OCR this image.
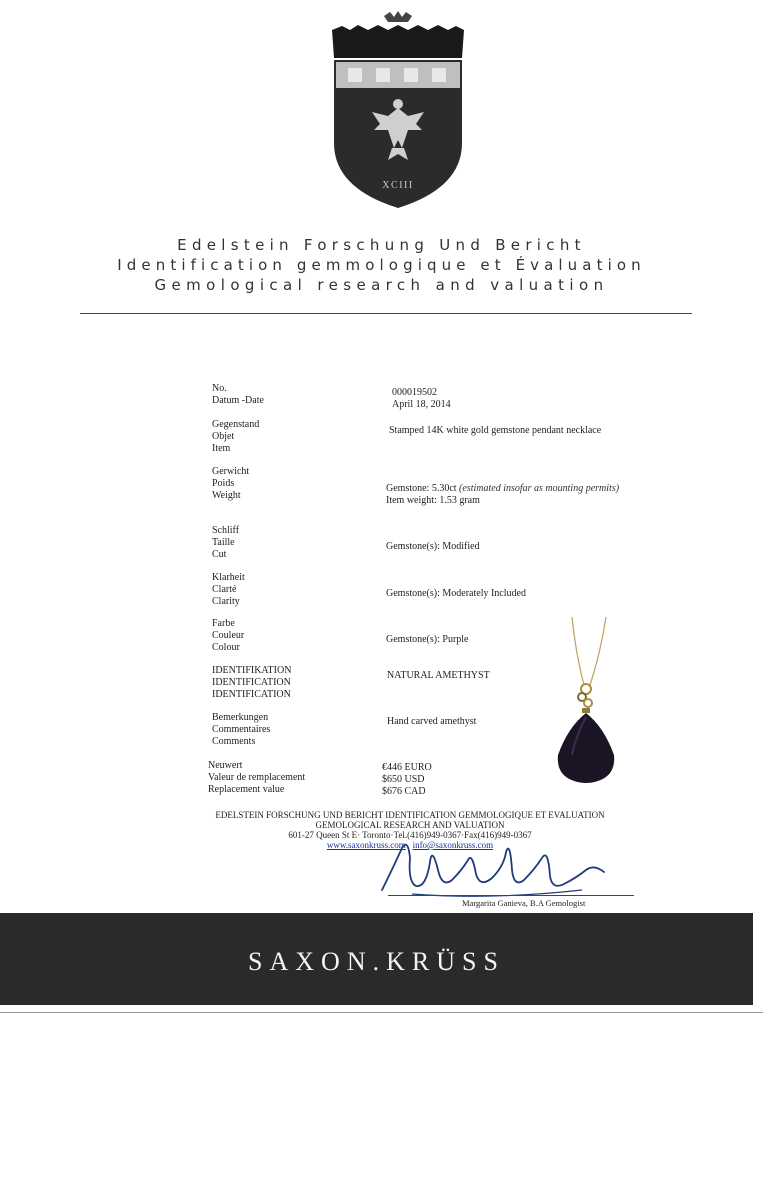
XCIII
Edelstein Forschung Und Bericht
Identification gemmologique et Évaluation
Gemological research and valuation
No.
Datum -Date
000019502
April 18, 2014
Gegenstand
Objet
Item
Stamped 14K white gold gemstone pendant necklace
Gerwicht
Poids
Weight
Gemstone: 5.30ct (estimated insofar as mounting permits)
Item weight: 1.53 gram
Schliff
Taille
Cut
Gemstone(s): Modified
Klarheit
Clarté
Clarity
Gemstone(s): Moderately Included
Farbe
Couleur
Colour
Gemstone(s): Purple
IDENTIFIKATION
IDENTIFICATION
IDENTIFICATION
NATURAL AMETHYST
Bemerkungen
Commentaires
Comments
Hand carved amethyst
Neuwert
Valeur de remplacement
Replacement value
€446 EURO
$650 USD
$676 CAD
EDELSTEIN FORSCHUNG UND BERICHT IDENTIFICATION GEMMOLOGIQUE ET EVALUATION
GEMOLOGICAL RESEARCH AND VALUATION
601-27 Queen St E· Toronto·Tel.(416)949-0367·Fax(416)949-0367
www.saxonkruss.com info@saxonkruss.com
Margarita Ganieva, B.A Gemologist
SAXON.KRÜSS
